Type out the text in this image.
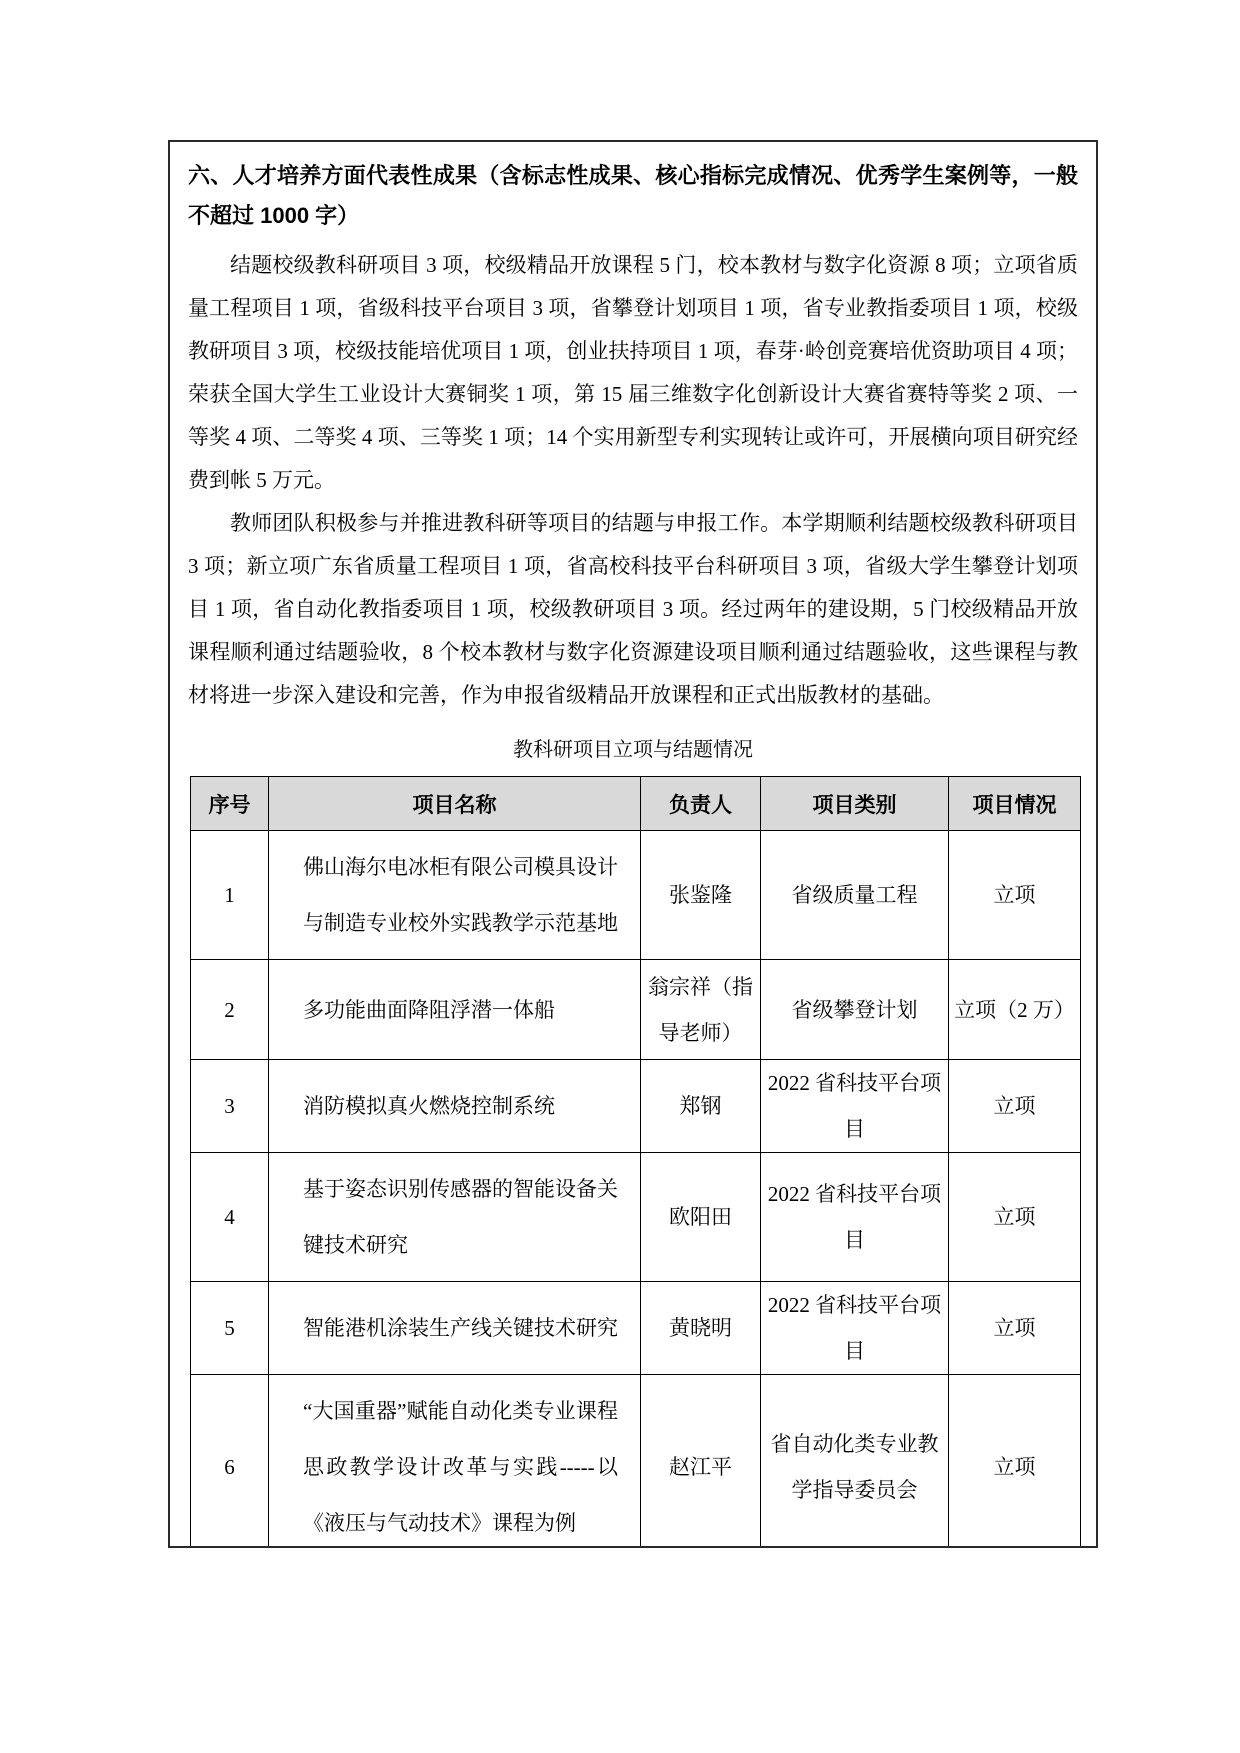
六、人才培养方面代表性成果（含标志性成果、核心指标完成情况、优秀学生案例等，一般不超过 1000 字）

结题校级教科研项目 3 项，校级精品开放课程 5 门，校本教材与数字化资源 8 项；立项省质量工程项目 1 项，省级科技平台项目 3 项，省攀登计划项目 1 项，省专业教指委项目 1 项，校级教研项目 3 项，校级技能培优项目 1 项，创业扶持项目 1 项，春芽·岭创竞赛培优资助项目 4 项；荣获全国大学生工业设计大赛铜奖 1 项，第 15 届三维数字化创新设计大赛省赛特等奖 2 项、一等奖 4 项、二等奖 4 项、三等奖 1 项；14 个实用新型专利实现转让或许可，开展横向项目研究经费到帐 5 万元。

教师团队积极参与并推进教科研等项目的结题与申报工作。本学期顺利结题校级教科研项目 3 项；新立项广东省质量工程项目 1 项，省高校科技平台科研项目 3 项，省级大学生攀登计划项目 1 项，省自动化教指委项目 1 项，校级教研项目 3 项。经过两年的建设期，5 门校级精品开放课程顺利通过结题验收，8 个校本教材与数字化资源建设项目顺利通过结题验收，这些课程与教材将进一步深入建设和完善，作为申报省级精品开放课程和正式出版教材的基础。

教科研项目立项与结题情况
序号	项目名称	负责人	项目类别	项目情况
1	佛山海尔电冰柜有限公司模具设计与制造专业校外实践教学示范基地	张鉴隆	省级质量工程	立项
2	多功能曲面降阻浮潜一体船	翁宗祥（指导老师）	省级攀登计划	立项（2 万）
3	消防模拟真火燃烧控制系统	郑钢	2022 省科技平台项目	立项
4	基于姿态识别传感器的智能设备关键技术研究	欧阳田	2022 省科技平台项目	立项
5	智能港机涂装生产线关键技术研究	黄晓明	2022 省科技平台项目	立项
6	“大国重器”赋能自动化类专业课程思政教学设计改革与实践-----以《液压与气动技术》课程为例	赵江平	省自动化类专业教学指导委员会	立项
